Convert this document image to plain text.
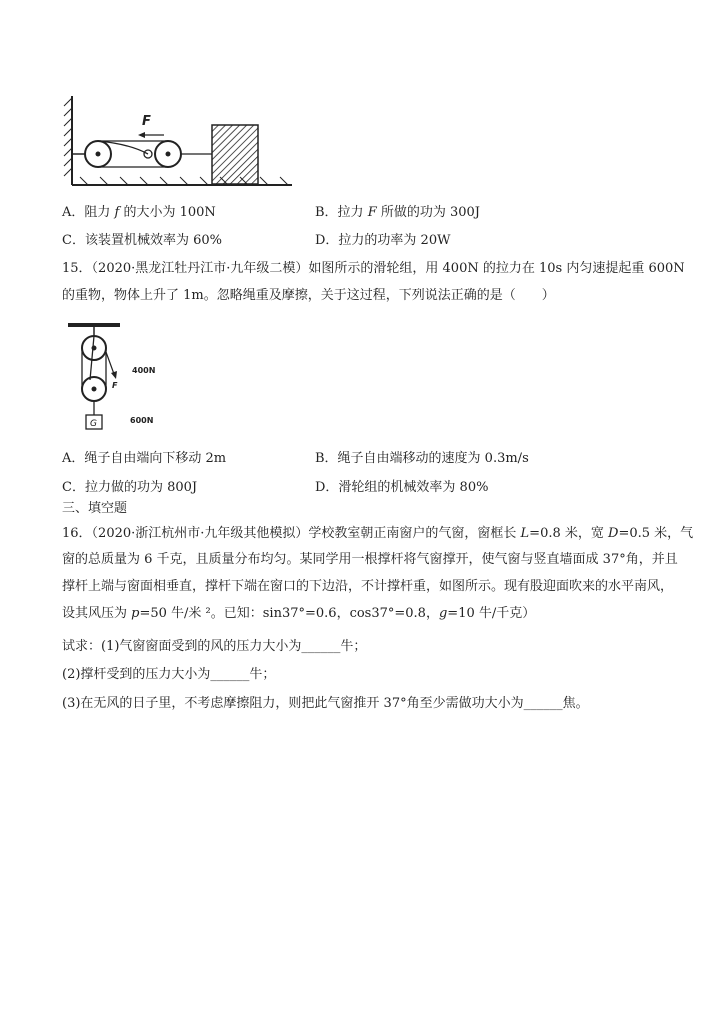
F
A．阻力 f 的大小为 100N	B．拉力 F 所做的功为 300J
C．该装置机械效率为 60%	D．拉力的功率为 20W
15．（2020·黑龙江牡丹江市·九年级二模）如图所示的滑轮组，用 400N 的拉力在 10s 内匀速提起重 600N
的重物，物体上升了 1m。忽略绳重及摩擦，关于这过程，下列说法正确的是（　　）
F
G
400N
600N
A．绳子自由端向下移动 2m	B．绳子自由端移动的速度为 0.3m/s
C．拉力做的功为 800J	D．滑轮组的机械效率为 80%
三、填空题
16．（2020·浙江杭州市·九年级其他模拟）学校教室朝正南窗户的气窗，窗框长 L=0.8 米，宽 D=0.5 米，气
窗的总质量为 6 千克，且质量分布均匀。某同学用一根撑杆将气窗撑开，使气窗与竖直墙面成 37°角，并且
撑杆上端与窗面相垂直，撑杆下端在窗口的下边沿，不计撑杆重，如图所示。现有股迎面吹来的水平南风，
设其风压为 p=50 牛/米 ²。已知：sin37°=0.6，cos37°=0.8，g=10 牛/千克）
试求：(1)气窗窗面受到的风的压力大小为______牛；
(2)撑杆受到的压力大小为______牛；
(3)在无风的日子里，不考虑摩擦阻力，则把此气窗推开 37°角至少需做功大小为______焦。
